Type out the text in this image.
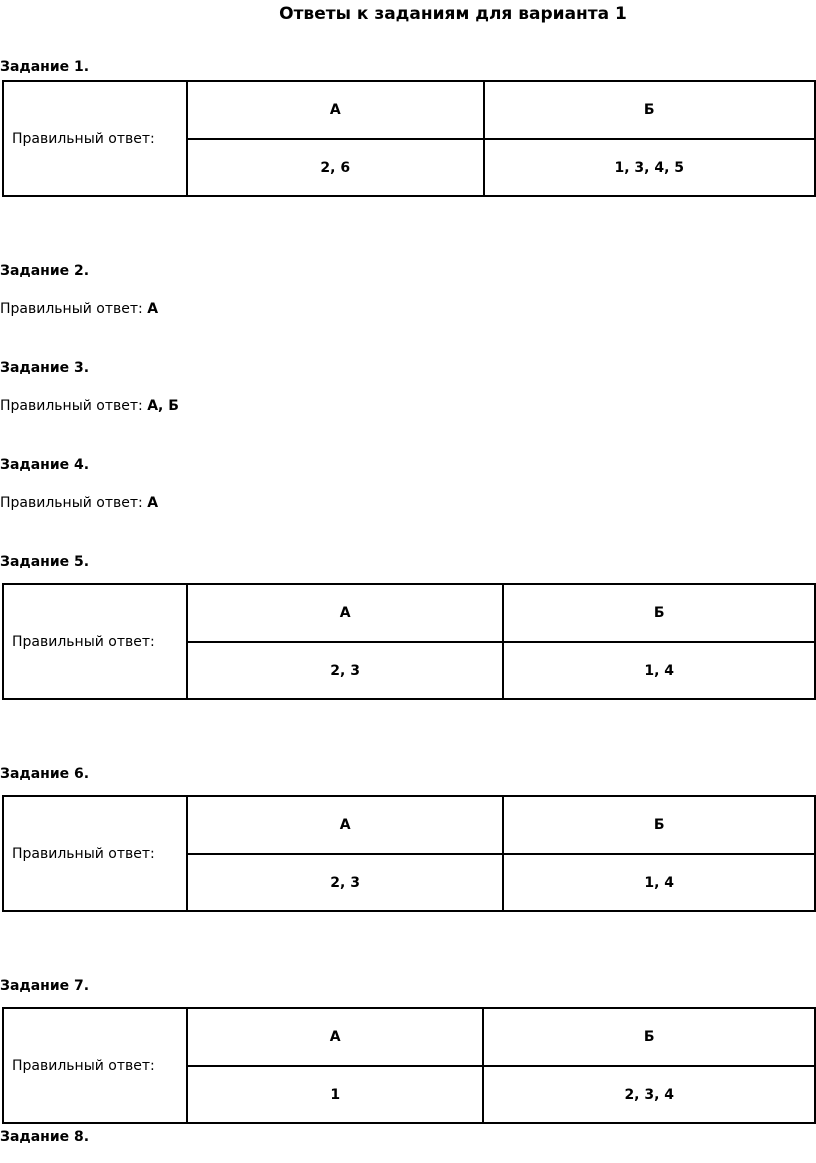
Ответы к заданиям для варианта 1
Задание 1.
Правильный ответ:	А	Б
	2, 6	1, 3, 4, 5
Задание 2.
Правильный ответ: А
Задание 3.
Правильный ответ: А, Б
Задание 4.
Правильный ответ: А
Задание 5.
Правильный ответ:	А	Б
	2, 3	1, 4
Задание 6.
Правильный ответ:	А	Б
	2, 3	1, 4
Задание 7.
Правильный ответ:	А	Б
	1	2, 3, 4
Задание 8.
